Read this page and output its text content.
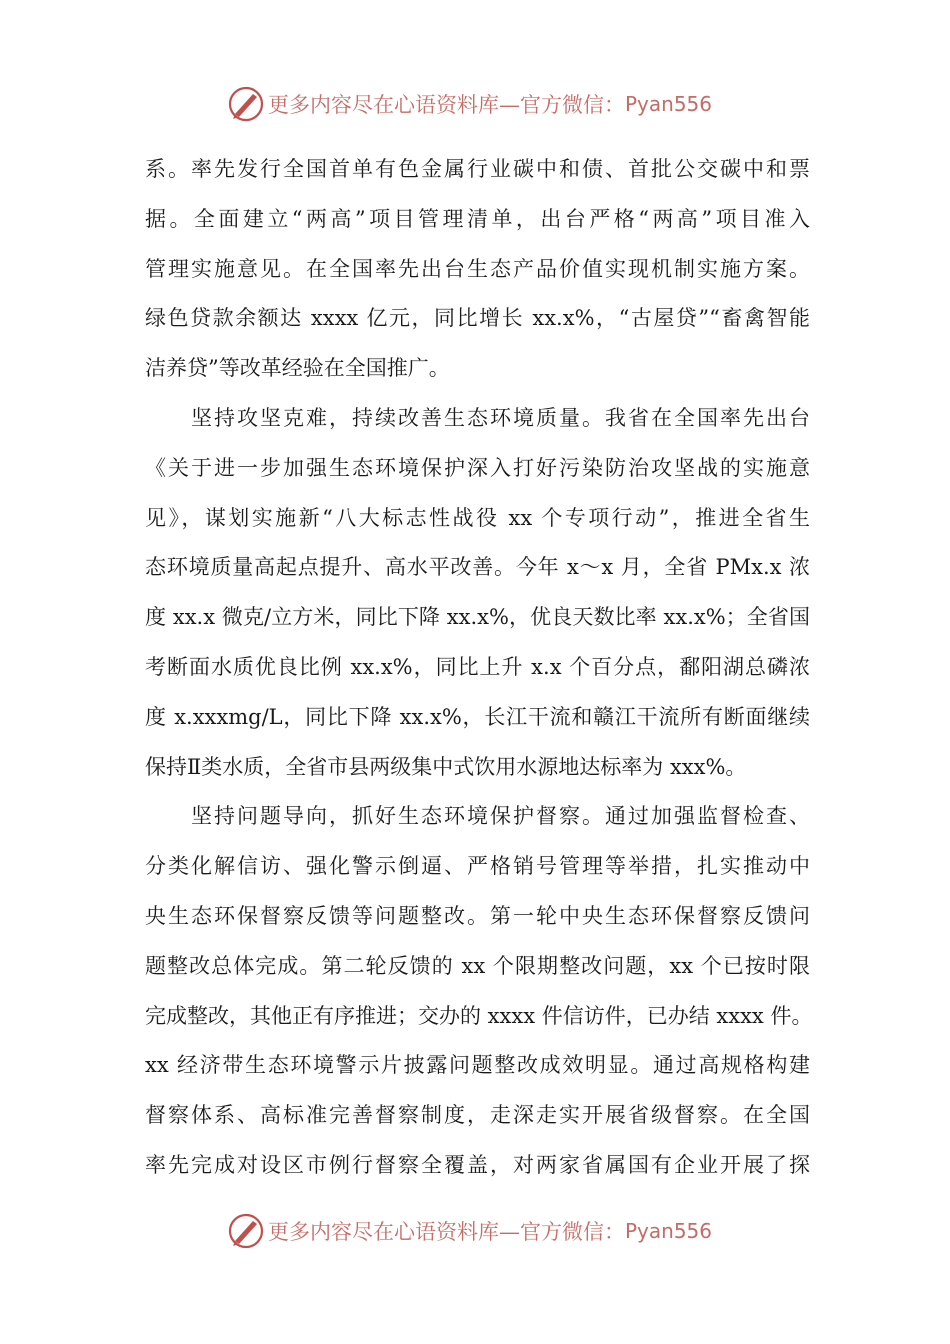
更多内容尽在心语资料库—官方微信： Pyan556
系。率先发行全国首单有色金属行业碳中和债、首批公交碳中和票
据。全面建立“两高”项目管理清单，出台严格“两高”项目准入
管理实施意见。在全国率先出台生态产品价值实现机制实施方案。
绿色贷款余额达 xxxx 亿元，同比增长 xx.x%，“古屋贷”“畜禽智能
洁养贷”等改革经验在全国推广。
坚持攻坚克难，持续改善生态环境质量。我省在全国率先出台
《关于进一步加强生态环境保护深入打好污染防治攻坚战的实施意
见》，谋划实施新“八大标志性战役 xx 个专项行动”，推进全省生
态环境质量高起点提升、高水平改善。今年 x～x 月，全省 PMx.x 浓
度 xx.x 微克/立方米，同比下降 xx.x%，优良天数比率 xx.x%；全省国
考断面水质优良比例 xx.x%，同比上升 x.x 个百分点，鄱阳湖总磷浓
度 x.xxxmg/L，同比下降 xx.x%，长江干流和赣江干流所有断面继续
保持Ⅱ类水质，全省市县两级集中式饮用水源地达标率为 xxx%。
坚持问题导向，抓好生态环境保护督察。通过加强监督检查、
分类化解信访、强化警示倒逼、严格销号管理等举措，扎实推动中
央生态环保督察反馈等问题整改。第一轮中央生态环保督察反馈问
题整改总体完成。第二轮反馈的 xx 个限期整改问题，xx 个已按时限
完成整改，其他正有序推进；交办的 xxxx 件信访件，已办结 xxxx 件。
xx 经济带生态环境警示片披露问题整改成效明显。通过高规格构建
督察体系、高标准完善督察制度，走深走实开展省级督察。在全国
率先完成对设区市例行督察全覆盖，对两家省属国有企业开展了探
更多内容尽在心语资料库—官方微信： Pyan556
